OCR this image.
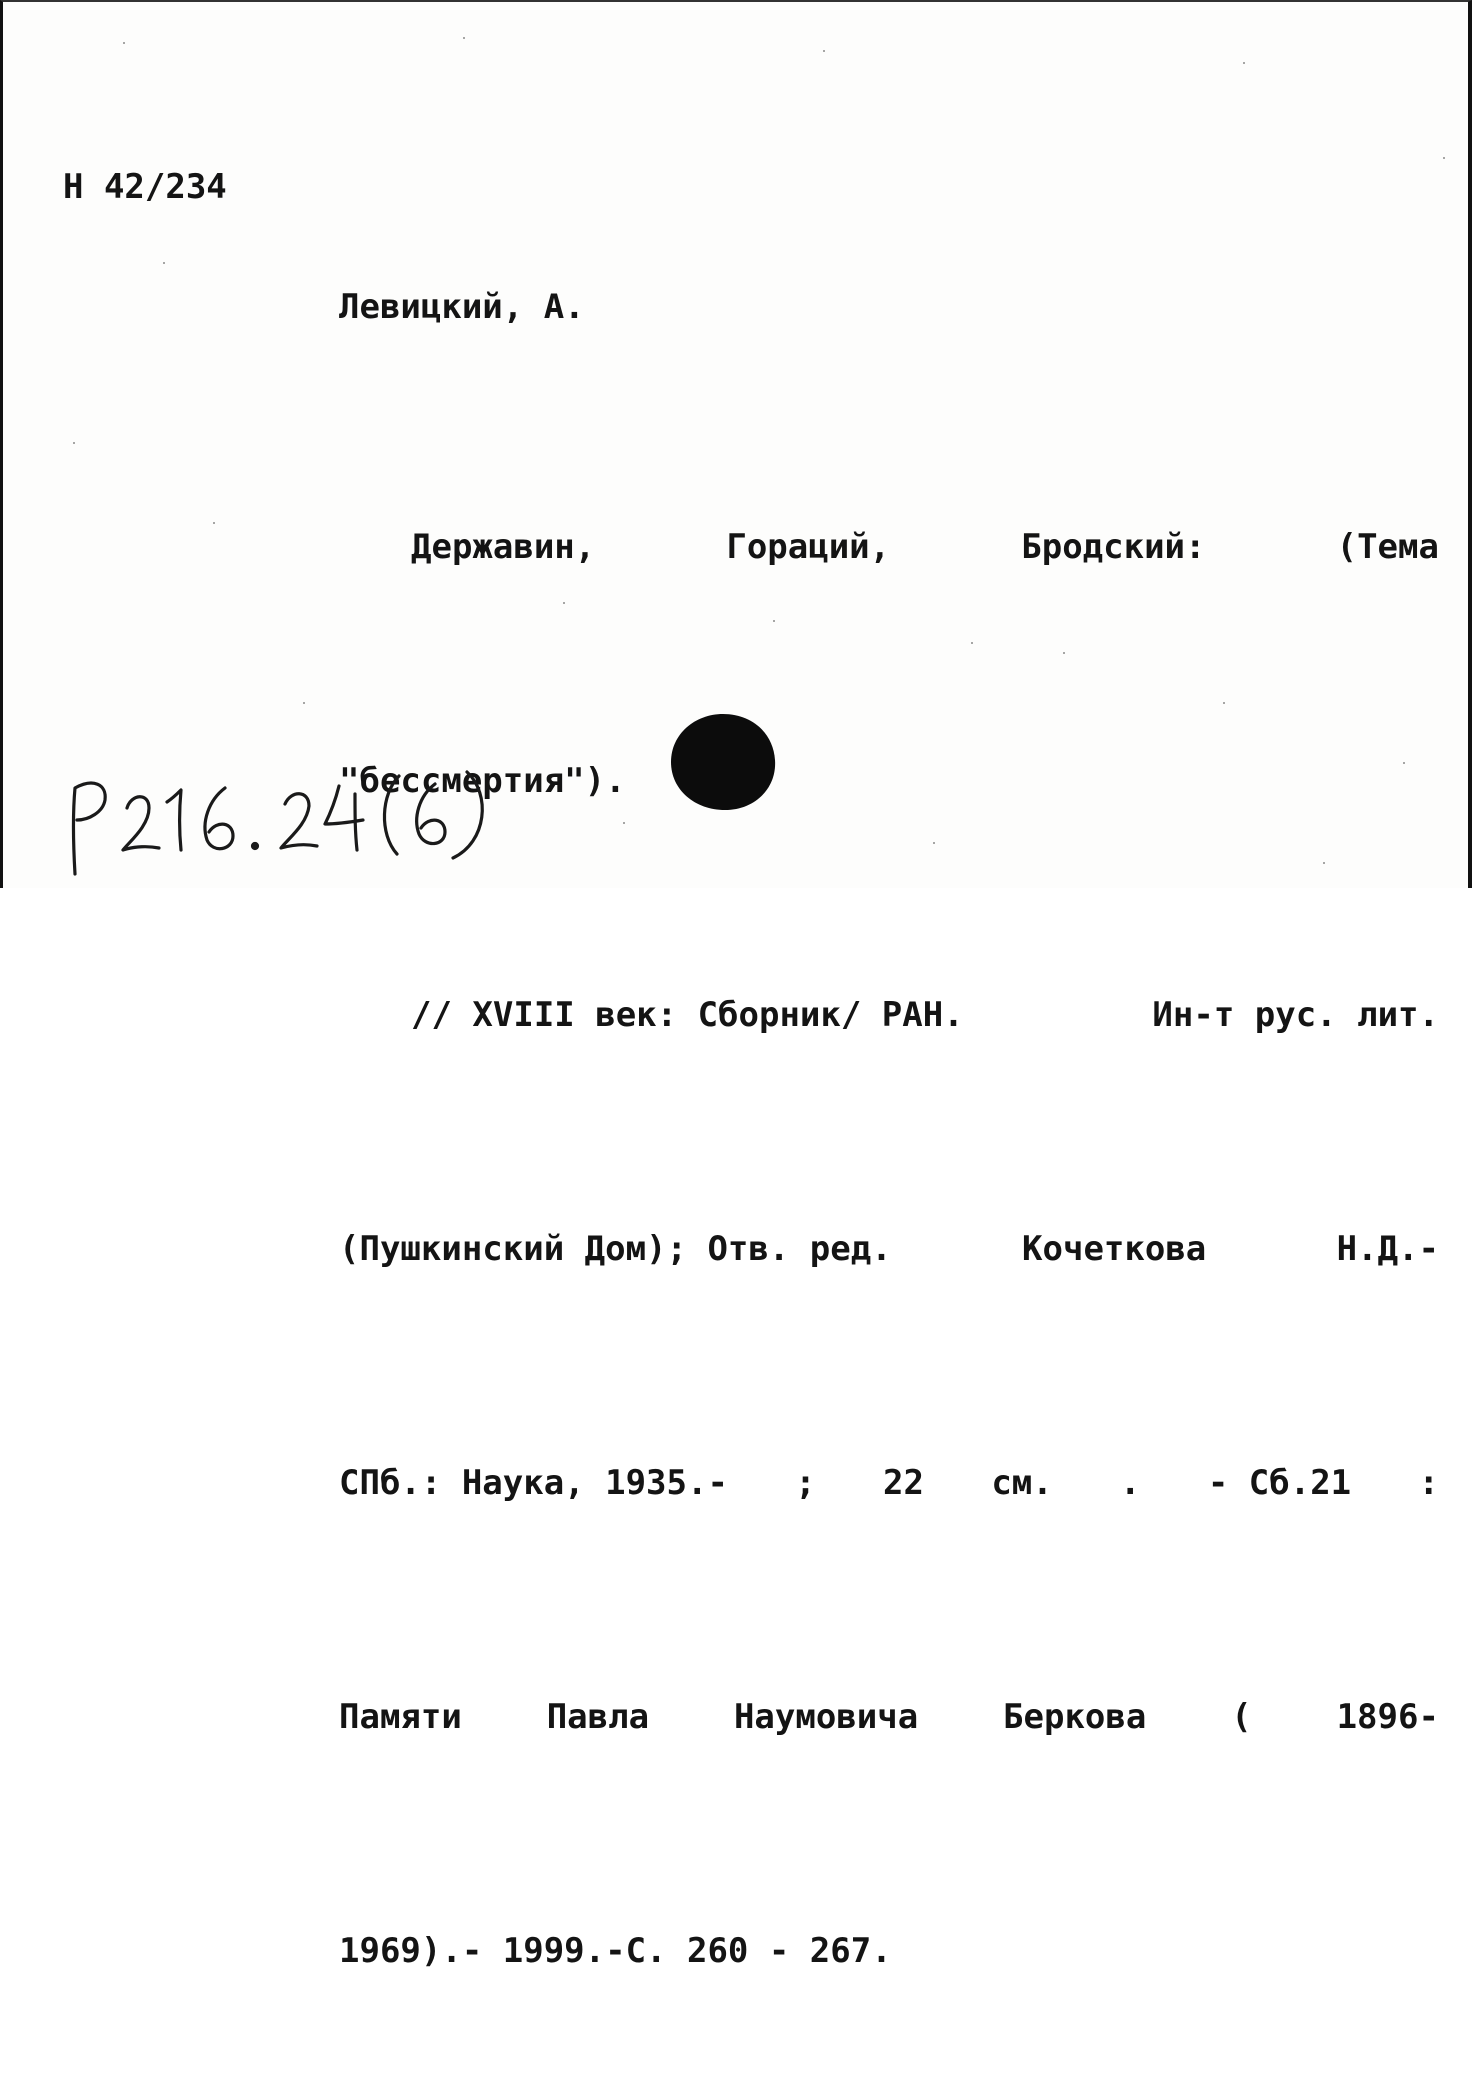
Н 42/234

Левицкий, А.

Державин,	Гораций,	Бродский:	(Тема

"бессмертия").

// XVIII век: Сборник/ РАН.	Ин-т рус. лит.

(Пушкинский Дом); Отв. ред.	Кочеткова	Н.Д.-

СПб.: Наука, 1935.- ; 22 см. . - Сб.21 :

Памяти Павла Наумовича Беркова ( 1896-

1969).- 1999.-С. 260 - 267.
